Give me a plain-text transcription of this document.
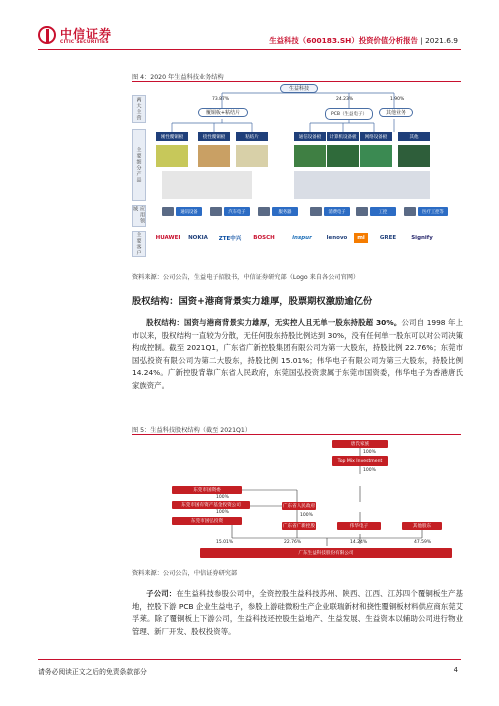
中信证券
CITIC SECURITIES	生益科技（600183.SH）投资价值分析报告 | 2021.6.9
图 4：2020 年生益科技业务结构
两大主营
主要细分产品
应用领域
主要客户
生益科技
73.87%	24.23%	1.90%
覆铜板+粘结片	PCB（生益电子）	其他业务
刚性覆铜板	挠性覆铜板	粘结片	通信设备板	计算机设备板	网络设备板	其他
通讯设备	汽车电子	服务器	消费电子	工控	医疗工控等
HUAWEI	NOKIA	ZTE中兴	BOSCH	inspur	lenovo	mi	GREE	Signify
资料来源：公司公告，生益电子招股书，中信证券研究部（Logo 来自各公司官网）
股权结构：国资+港商背景实力雄厚，股票期权激励逾亿份
股权结构：国资与港商背景实力雄厚，无实控人且无单一股东持股超 30%。公司自 1998 年上市以来，股权结构一直较为分散，无任何股东持股比例达到 30%，没有任何单一股东可以对公司决策构成控制。截至 2021Q1，广东省广新控股集团有限公司为第一大股东，持股比例 22.76%；东莞市国弘投资有限公司为第二大股东，持股比例 15.01%；伟华电子有限公司为第三大股东，持股比例 14.24%。广新控股背靠广东省人民政府，东莞国弘投资隶属于东莞市国资委，伟华电子为香港唐氏家族资产。
图 5：生益科技股权结构（截至 2021Q1）
唐氏家族
100%
Top Mix Investment
100%
东莞市国资委
100%
东莞市国有资产基金投资公司
100%
东莞市国弘投资
广东省人民政府
100%
广东省广新控股	伟华电子	其他股东
15.01%	22.76%	14.24%	47.59%
广东生益科技股份有限公司
资料来源：公司公告，中信证券研究部
子公司：在生益科技参股公司中，全资控股生益科技苏州、陕西、江西、江苏四个覆铜板生产基地，控股下游 PCB 企业生益电子，参股上游硅微粉生产企业联瑞新材和挠性覆铜板材料供应商东莞艾孚莱。除了覆铜板上下游公司，生益科技还控股生益地产、生益发展、生益资本以辅助公司进行物业管理、新厂开发、股权投资等。
请务必阅读正文之后的免责条款部分	4
